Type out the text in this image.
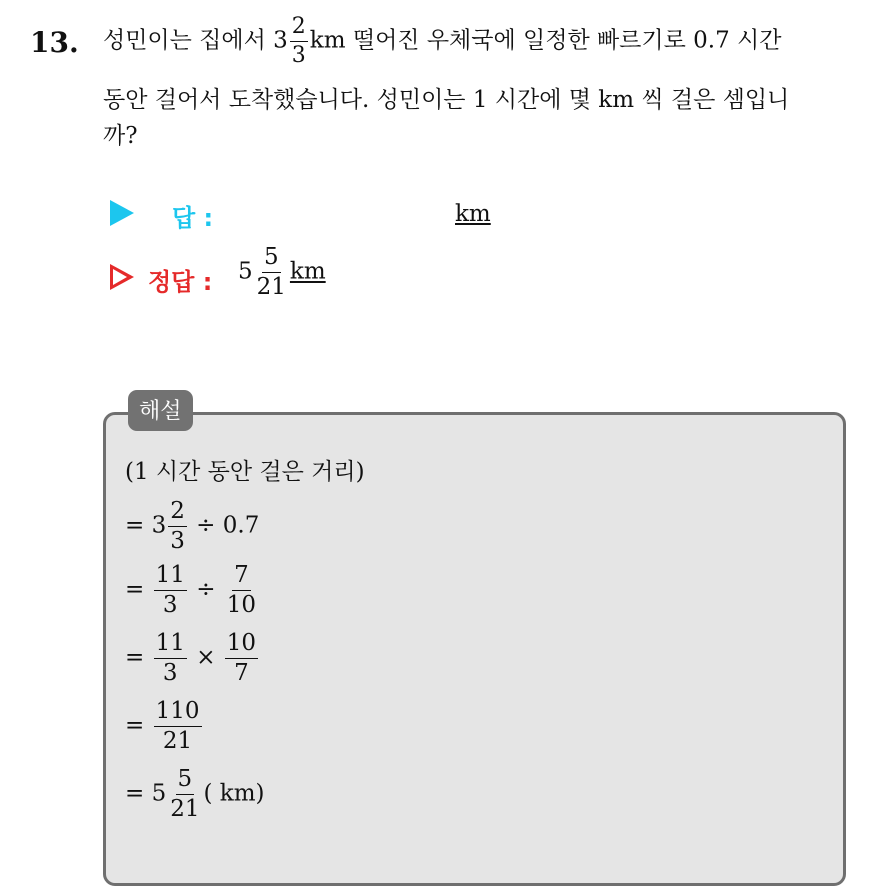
13. 성민이는 집에서 $3 \frac{2}{3}$ km 떨어진 우체국에 일정한 빠르기로 0.7 시간
동안 걸어서 도착했습니다. 성민이는 1 시간에 몇 km 씩 걸은 셈입니
까?
답 :	km
정답 : $5 \frac{5}{21}$ km
해설
(1 시간 동안 걸은 거리)
= $3 \frac{2}{3} \div 0.7$
= $\frac{11}{3} \div \frac{7}{10}$
= $\frac{11}{3} \times \frac{10}{7}$
= $\frac{110}{21}$
= $5 \frac{5}{21}$ ( km)
